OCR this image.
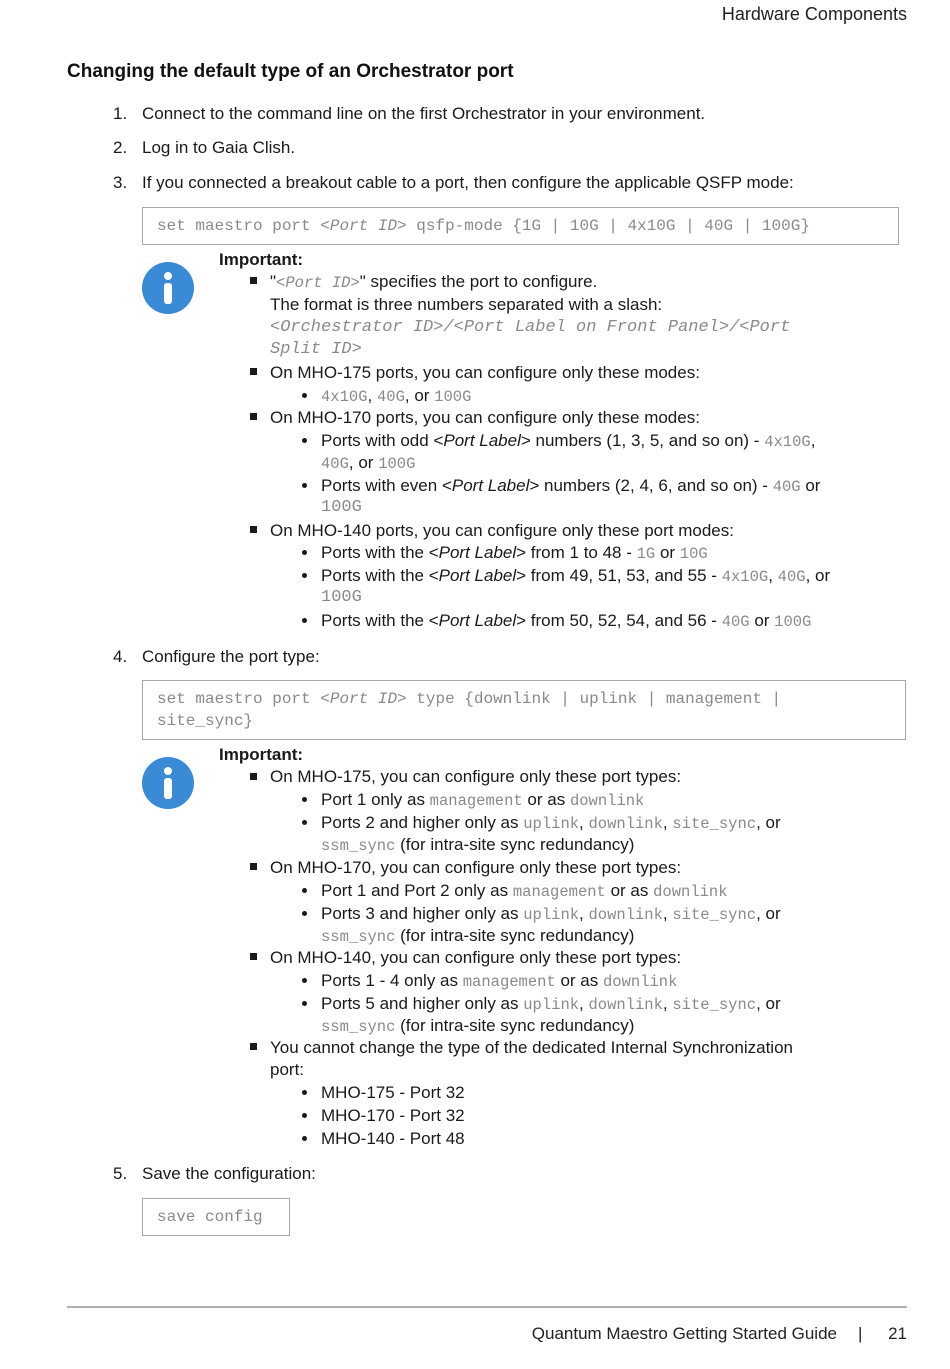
Hardware Components
Changing the default type of an Orchestrator port
1. Connect to the command line on the first Orchestrator in your environment.
2. Log in to Gaia Clish.
3. If you connected a breakout cable to a port, then configure the applicable QSFP mode:
set maestro port <Port ID> qsfp-mode {1G | 10G | 4x10G | 40G | 100G}
Important:
"<Port ID>" specifies the port to configure.
The format is three numbers separated with a slash:
<Orchestrator ID>/<Port Label on Front Panel>/<Port
Split ID>
On MHO-175 ports, you can configure only these modes:
4x10G, 40G, or 100G
On MHO-170 ports, you can configure only these modes:
Ports with odd <Port Label> numbers (1, 3, 5, and so on) - 4x10G,
40G, or 100G
Ports with even <Port Label> numbers (2, 4, 6, and so on) - 40G or
100G
On MHO-140 ports, you can configure only these port modes:
Ports with the <Port Label> from 1 to 48 - 1G or 10G
Ports with the <Port Label> from 49, 51, 53, and 55 - 4x10G, 40G, or
100G
Ports with the <Port Label> from 50, 52, 54, and 56 - 40G or 100G
4. Configure the port type:
set maestro port <Port ID> type {downlink | uplink | management |
site_sync}
Important:
On MHO-175, you can configure only these port types:
Port 1 only as management or as downlink
Ports 2 and higher only as uplink, downlink, site_sync, or
ssm_sync (for intra-site sync redundancy)
On MHO-170, you can configure only these port types:
Port 1 and Port 2 only as management or as downlink
Ports 3 and higher only as uplink, downlink, site_sync, or
ssm_sync (for intra-site sync redundancy)
On MHO-140, you can configure only these port types:
Ports 1 - 4 only as management or as downlink
Ports 5 and higher only as uplink, downlink, site_sync, or
ssm_sync (for intra-site sync redundancy)
You cannot change the type of the dedicated Internal Synchronization
port:
MHO-175 - Port 32
MHO-170 - Port 32
MHO-140 - Port 48
5. Save the configuration:
save config
Quantum Maestro Getting Started Guide | 21
